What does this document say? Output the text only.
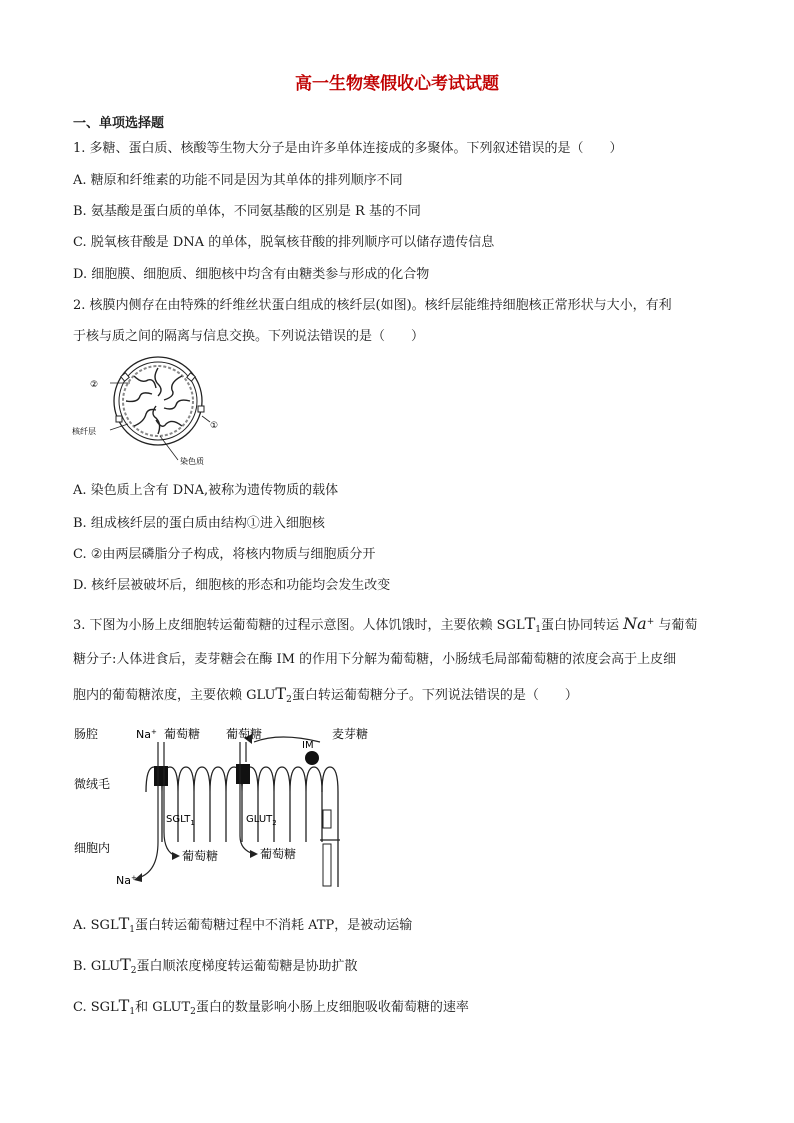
高一生物寒假收心考试试题
一、单项选择题
1. 多糖、蛋白质、核酸等生物大分子是由许多单体连接成的多聚体。下列叙述错误的是（　　）
A. 糖原和纤维素的功能不同是因为其单体的排列顺序不同
B. 氨基酸是蛋白质的单体，不同氨基酸的区别是 R 基的不同
C. 脱氧核苷酸是 DNA 的单体，脱氧核苷酸的排列顺序可以储存遗传信息
D. 细胞膜、细胞质、细胞核中均含有由糖类参与形成的化合物
2. 核膜内侧存在由特殊的纤维丝状蛋白组成的核纤层(如图)。核纤层能维持细胞核正常形状与大小，有利
于核与质之间的隔离与信息交换。下列说法错误的是（　　）
②
①
核纤层
染色质
A. 染色质上含有 DNA,被称为遗传物质的载体
B. 组成核纤层的蛋白质由结构①进入细胞核
C. ②由两层磷脂分子构成，将核内物质与细胞质分开
D. 核纤层被破坏后，细胞核的形态和功能均会发生改变
3. 下图为小肠上皮细胞转运葡萄糖的过程示意图。人体饥饿时，主要依赖 $SGLT_1$蛋白协同转运 Na+ 与葡萄
糖分子:人体进食后，麦芽糖会在酶 IM 的作用下分解为葡萄糖，小肠绒毛局部葡萄糖的浓度会高于上皮细
胞内的葡萄糖浓度，主要依赖 $GLUT_2$蛋白转运葡萄糖分子。下列说法错误的是（　　）
肠腔
微绒毛
细胞内
Na+ 葡萄糖 葡萄糖	麦芽糖
IM
$SGLT_1$	$GLUT_2$
葡萄糖	葡萄糖
Na+
A. $SGLT_1$蛋白转运葡萄糖过程中不消耗 ATP，是被动运输
B. $GLUT_2$蛋白顺浓度梯度转运葡萄糖是协助扩散
C. $SGLT_1$和 $GLUT_2$蛋白的数量影响小肠上皮细胞吸收葡萄糖的速率
